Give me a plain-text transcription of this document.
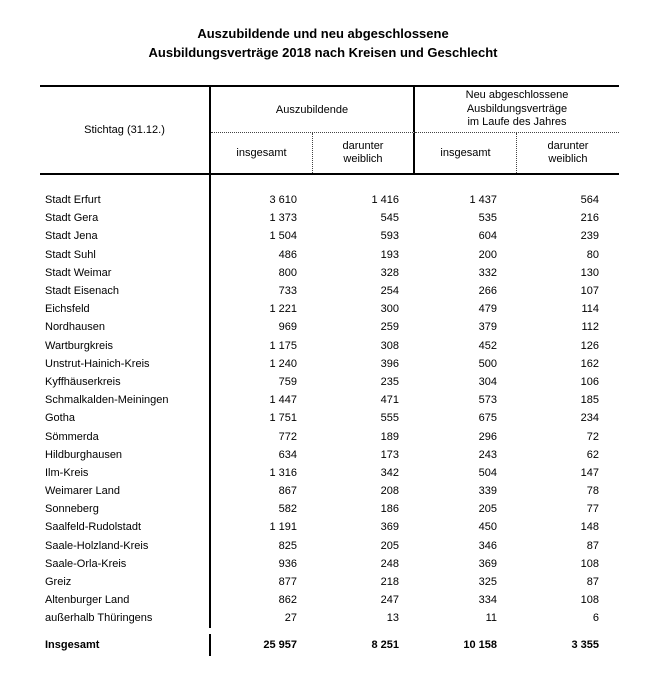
Auszubildende und neu abgeschlossene
Ausbildungsverträge 2018 nach Kreisen und Geschlecht
Stichtag (31.12.)
Auszubildende
Neu abgeschlossene
Ausbildungsverträge
im Laufe des Jahres
insgesamt
darunter
weiblich
insgesamt
darunter
weiblich
Stadt Erfurt	3 610	1 416	1 437	564
Stadt Gera	1 373	545	535	216
Stadt Jena	1 504	593	604	239
Stadt Suhl	486	193	200	80
Stadt Weimar	800	328	332	130
Stadt Eisenach	733	254	266	107
Eichsfeld	1 221	300	479	114
Nordhausen	969	259	379	112
Wartburgkreis	1 175	308	452	126
Unstrut-Hainich-Kreis	1 240	396	500	162
Kyffhäuserkreis	759	235	304	106
Schmalkalden-Meiningen	1 447	471	573	185
Gotha	1 751	555	675	234
Sömmerda	772	189	296	72
Hildburghausen	634	173	243	62
Ilm-Kreis	1 316	342	504	147
Weimarer Land	867	208	339	78
Sonneberg	582	186	205	77
Saalfeld-Rudolstadt	1 191	369	450	148
Saale-Holzland-Kreis	825	205	346	87
Saale-Orla-Kreis	936	248	369	108
Greiz	877	218	325	87
Altenburger Land	862	247	334	108
außerhalb Thüringens	27	13	11	6
Insgesamt	25 957	8 251	10 158	3 355
